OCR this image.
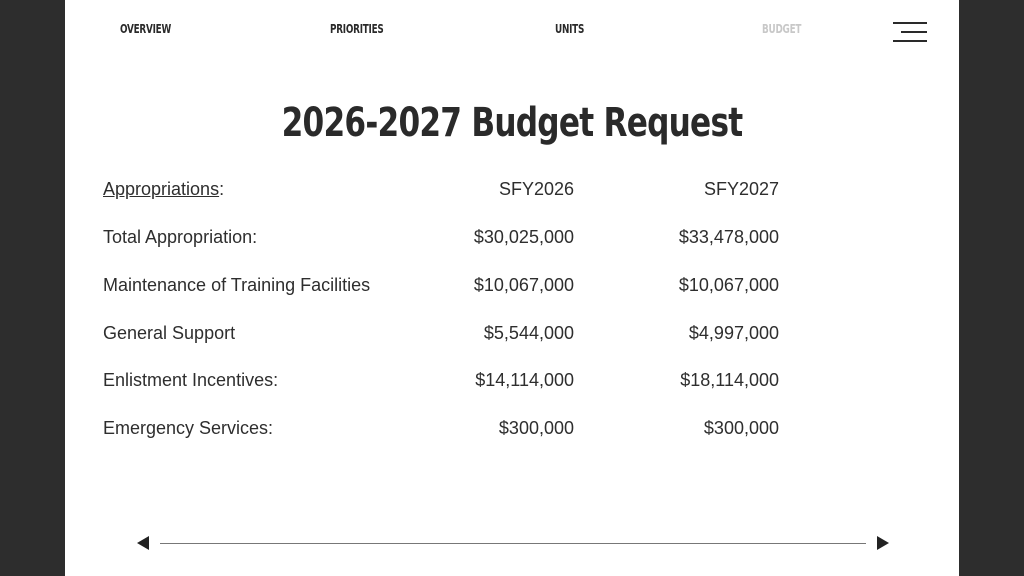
OVERVIEW	PRIORITIES	UNITS	BUDGET
2026-2027 Budget Request
Appropriations:	SFY2026	SFY2027
Total Appropriation:	$30,025,000	$33,478,000
Maintenance of Training Facilities	$10,067,000	$10,067,000
General Support	$5,544,000	$4,997,000
Enlistment Incentives:	$14,114,000	$18,114,000
Emergency Services:	$300,000	$300,000
